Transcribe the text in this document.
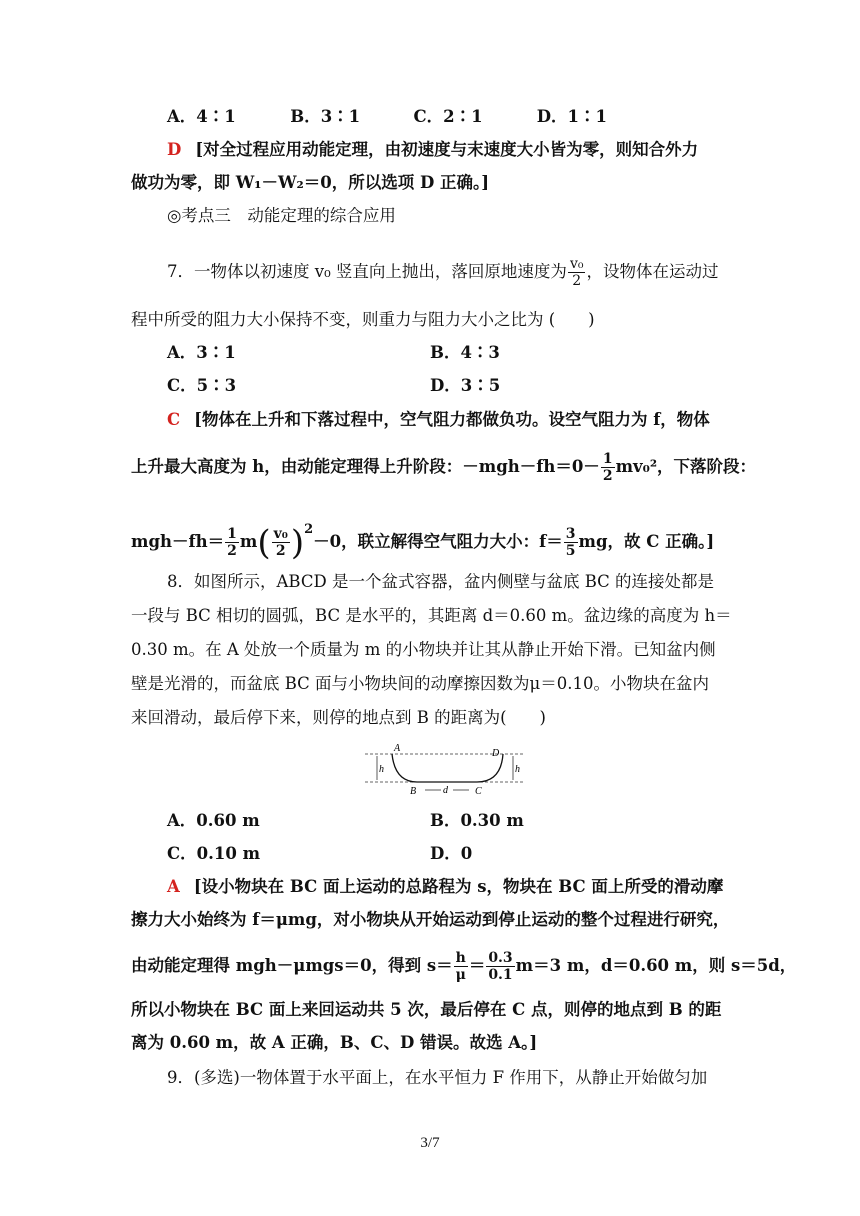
A．4∶1	B．3∶1	C．2∶1	D．1∶1
D [对全过程应用动能定理，由初速度与末速度大小皆为零，则知合外力
做功为零，即 W₁－W₂＝0，所以选项 D 正确。]
◎考点三　动能定理的综合应用
7．一物体以初速度 v₀ 竖直向上抛出，落回原地速度为 $\frac{\text{v₀}}{2}$ ，设物体在运动过
程中所受的阻力大小保持不变，则重力与阻力大小之比为 (　　)
A．3∶1	B．4∶3
C．5∶3	D．3∶5
C [物体在上升和下落过程中，空气阻力都做负功。设空气阻力为 f，物体
上升最大高度为 h，由动能定理得上升阶段：$-mgh-fh=0- \frac{1}{2} mv_0^2$，下落阶段：
$mgh-fh= \frac{1}{2} m( \frac{\text{v₀}}{2} )^2-0$，联立解得空气阻力大小：$f= \frac{3}{5}$ mg，故 C 正确。]
8．如图所示，ABCD 是一个盆式容器，盆内侧壁与盆底 BC 的连接处都是
一段与 BC 相切的圆弧，BC 是水平的，其距离 d＝0.60 m。盆边缘的高度为 h＝
0.30 m。在 A 处放一个质量为 m 的小物块并让其从静止开始下滑。已知盆内侧
壁是光滑的，而盆底 BC 面与小物块间的动摩擦因数为μ＝0.10。小物块在盆内
来回滑动，最后停下来，则停的地点到 B 的距离为(　　)
A	D
B	C
d
h	h
A．0.60 m	B．0.30 m
C．0.10 m	D．0
A [设小物块在 BC 面上运动的总路程为 s，物块在 BC 面上所受的滑动摩
擦力大小始终为 f＝μmg，对小物块从开始运动到停止运动的整个过程进行研究，
由动能定理得 mgh－μmgs＝0，得到 $s= \frac{h}{\mu} = \frac{0.3}{0.1} m=3$ m，d＝0.60 m，则 s＝5d，
所以小物块在 BC 面上来回运动共 5 次，最后停在 C 点，则停的地点到 B 的距
离为 0.60 m，故 A 正确，B、C、D 错误。故选 A。]
9．(多选)一物体置于水平面上，在水平恒力 F 作用下，从静止开始做匀加
3/7
